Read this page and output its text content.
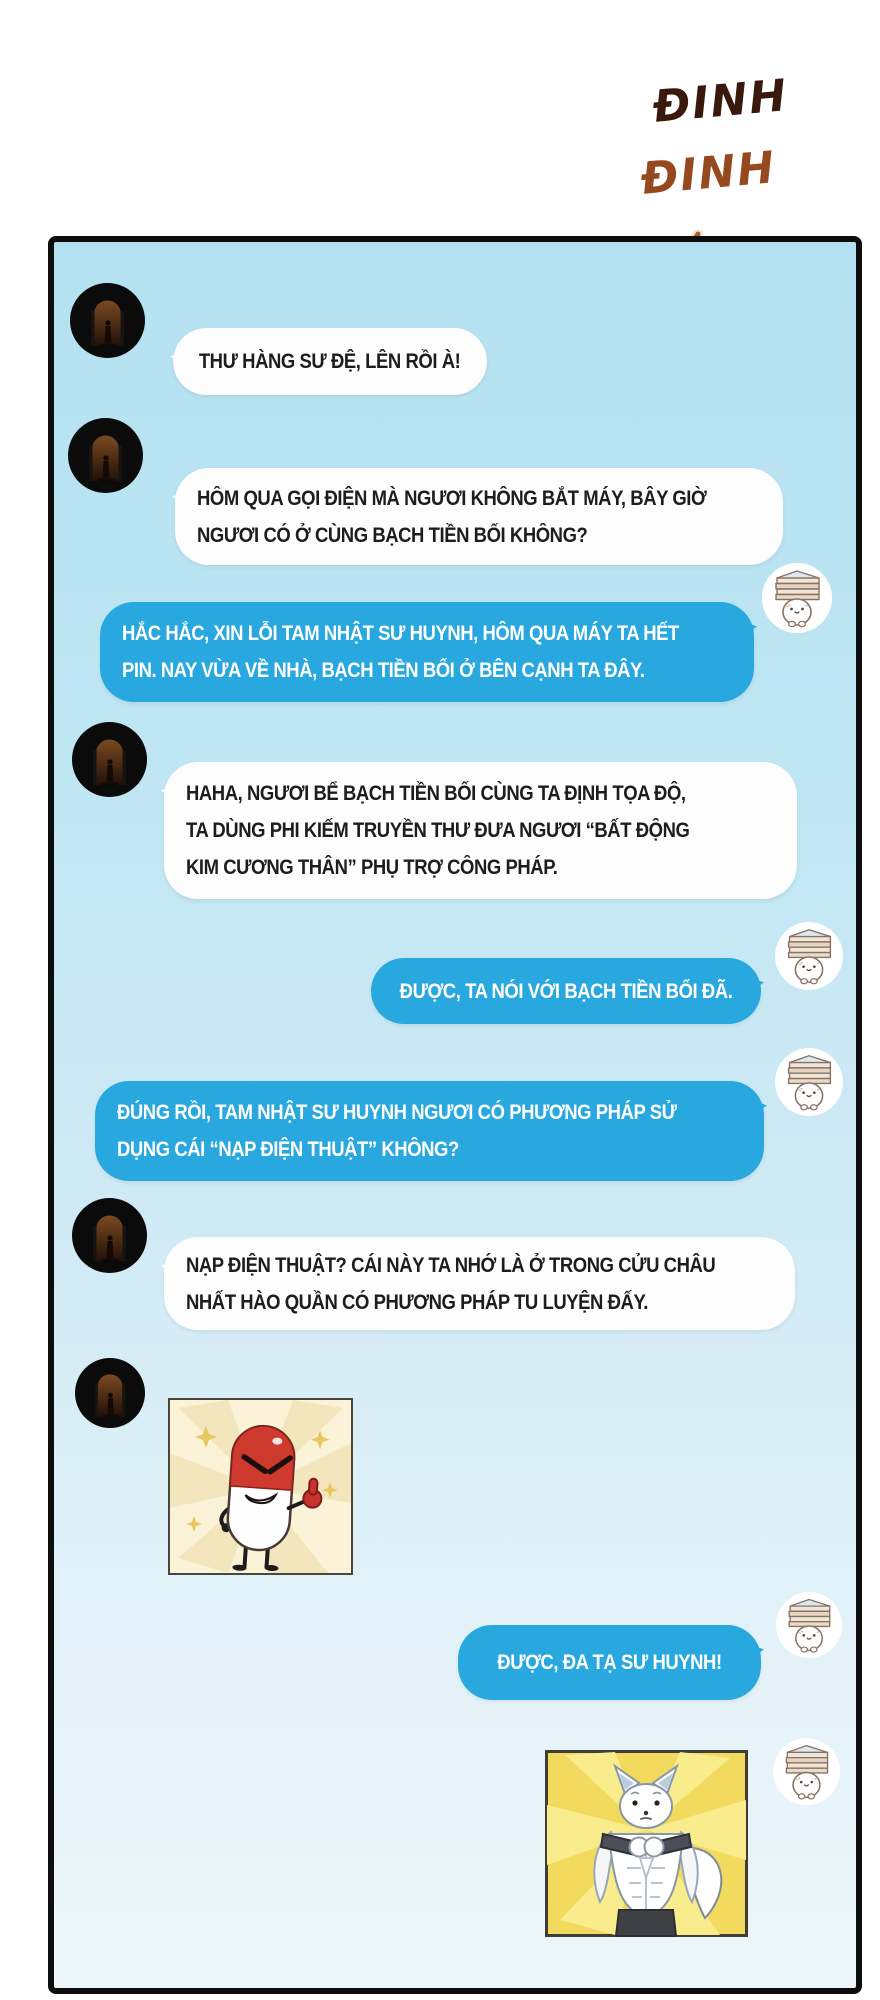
ĐINH
ĐINH
THƯ HÀNG SƯ ĐỆ, LÊN RỒI À!
HÔM QUA GỌI ĐIỆN MÀ NGƯƠI KHÔNG BẮT MÁY, BÂY GIỜ
NGƯƠI CÓ Ở CÙNG BẠCH TIỀN BỐI KHÔNG?
HẮC HẮC, XIN LỖI TAM NHẬT SƯ HUYNH, HÔM QUA MÁY TA HẾT
PIN. NAY VỪA VỀ NHÀ, BẠCH TIỀN BỐI Ở BÊN CẠNH TA ĐÂY.
HAHA, NGƯƠI BỂ BẠCH TIỀN BỐI CÙNG TA ĐỊNH TỌA ĐỘ,
TA DÙNG PHI KIẾM TRUYỀN THƯ ĐƯA NGƯƠI “BẤT ĐỘNG
KIM CƯƠNG THÂN” PHỤ TRỢ CÔNG PHÁP.
ĐƯỢC, TA NÓI VỚI BẠCH TIỀN BỐI ĐÃ.
ĐÚNG RỒI, TAM NHẬT SƯ HUYNH NGƯƠI CÓ PHƯƠNG PHÁP SỬ
DỤNG CÁI “NẠP ĐIỆN THUẬT” KHÔNG?
NẠP ĐIỆN THUẬT? CÁI NÀY TA NHỚ LÀ Ở TRONG CỬU CHÂU
NHẤT HÀO QUẦN CÓ PHƯƠNG PHÁP TU LUYỆN ĐẤY.
ĐƯỢC, ĐA TẠ SƯ HUYNH!
